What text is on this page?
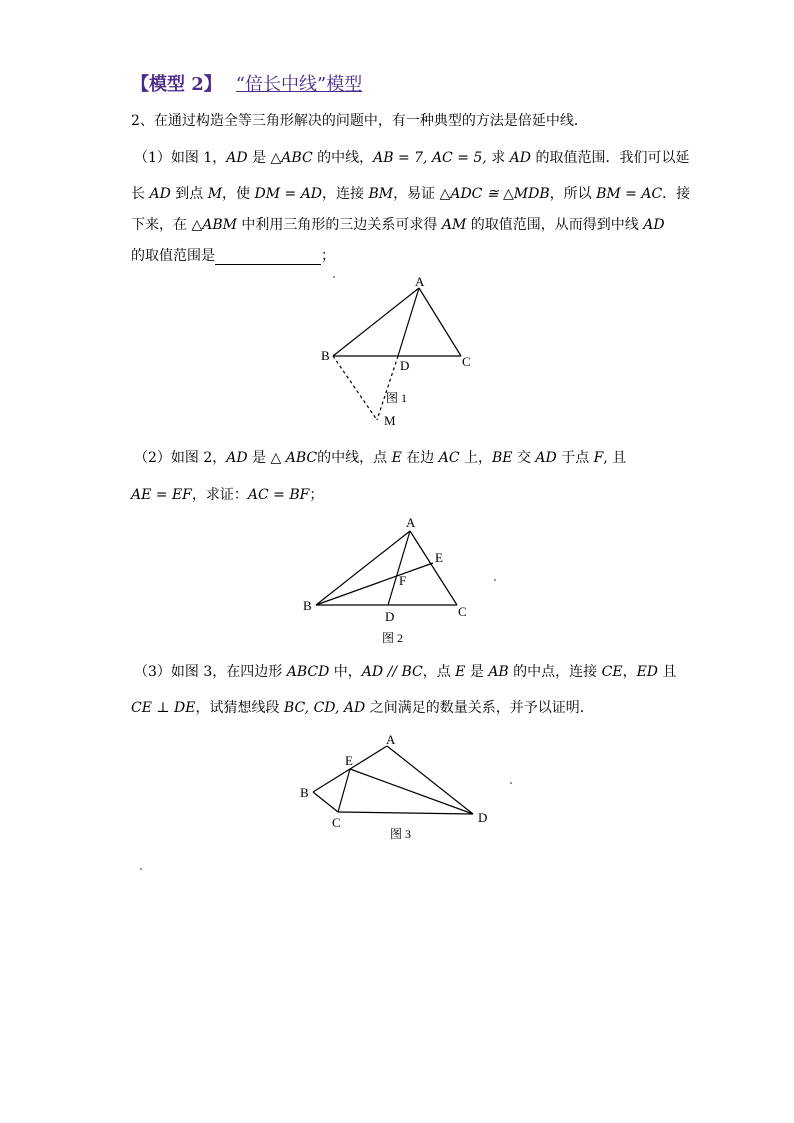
【模型 2】 “倍长中线”模型
2、在通过构造全等三角形解决的问题中，有一种典型的方法是倍延中线．
（1）如图 1，AD 是 △ABC 的中线，AB = 7, AC = 5, 求 AD 的取值范围．我们可以延
长 AD 到点 M，使 DM = AD，连接 BM，易证 △ADC ≅ △MDB，所以 BM = AC．接
下来，在 △ABM 中利用三角形的三边关系可求得 AM 的取值范围，从而得到中线 AD
的取值范围是	；
A
B	C
D
M
图 1
A
B	C
D
E
F
图 2
A
B
C	D
E
图 3
（2）如图 2，AD 是 △ ABC的中线，点 E 在边 AC 上，BE 交 AD 于点 F, 且
AE = EF，求证：AC = BF；
（3）如图 3，在四边形 ABCD 中，AD // BC，点 E 是 AB 的中点，连接 CE，ED 且
CE ⊥ DE，试猜想线段 BC, CD, AD 之间满足的数量关系，并予以证明．
